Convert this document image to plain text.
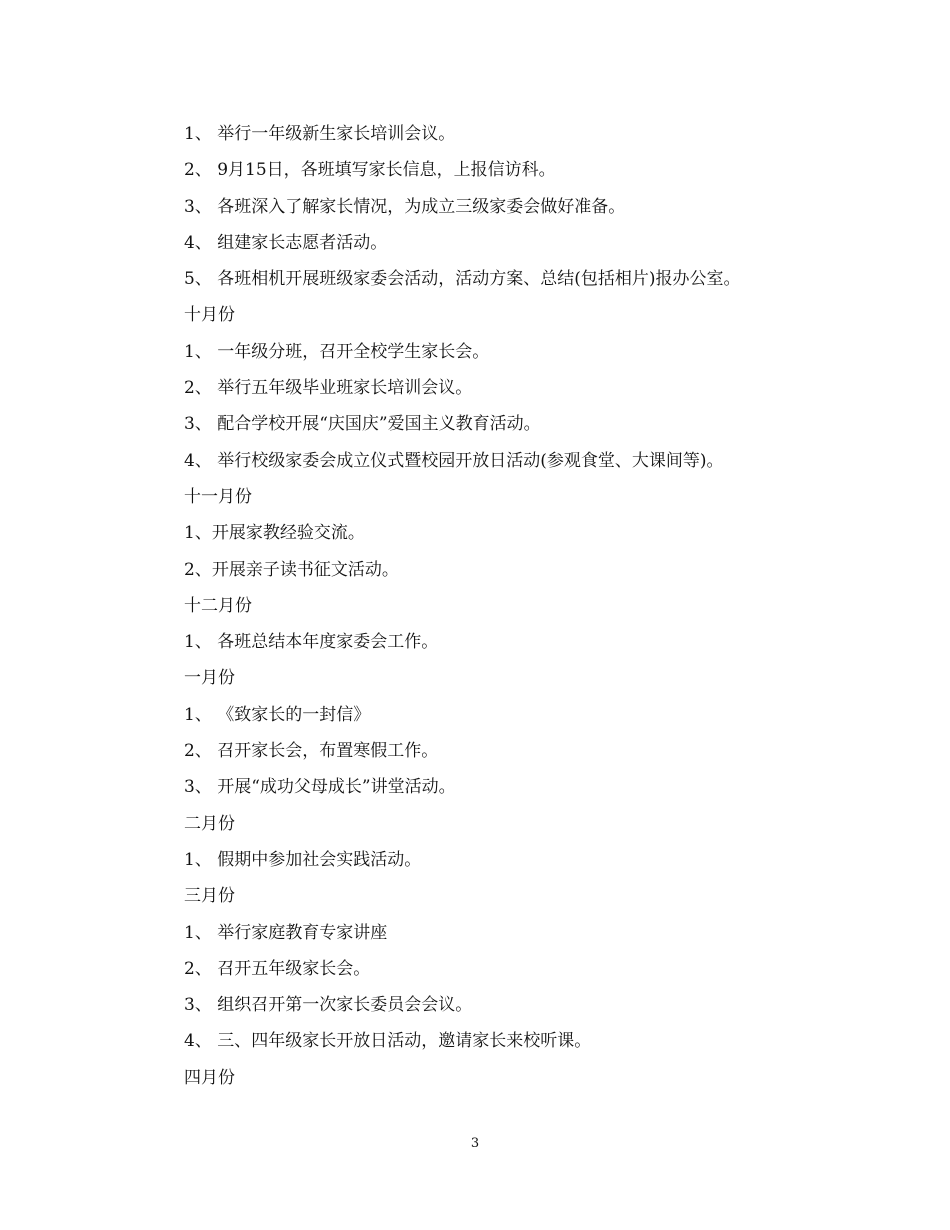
1、 举行一年级新生家长培训会议。
2、 9月15日，各班填写家长信息，上报信访科。
3、 各班深入了解家长情况，为成立三级家委会做好准备。
4、 组建家长志愿者活动。
5、 各班相机开展班级家委会活动，活动方案、总结(包括相片)报办公室。
十月份
1、 一年级分班，召开全校学生家长会。
2、 举行五年级毕业班家长培训会议。
3、 配合学校开展“庆国庆”爱国主义教育活动。
4、 举行校级家委会成立仪式暨校园开放日活动(参观食堂、大课间等)。
十一月份
1、开展家教经验交流。
2、开展亲子读书征文活动。
十二月份
1、 各班总结本年度家委会工作。
一月份
1、 《致家长的一封信》
2、 召开家长会，布置寒假工作。
3、 开展“成功父母成长”讲堂活动。
二月份
1、 假期中参加社会实践活动。
三月份
1、 举行家庭教育专家讲座
2、 召开五年级家长会。
3、 组织召开第一次家长委员会会议。
4、 三、四年级家长开放日活动，邀请家长来校听课。
四月份
3
